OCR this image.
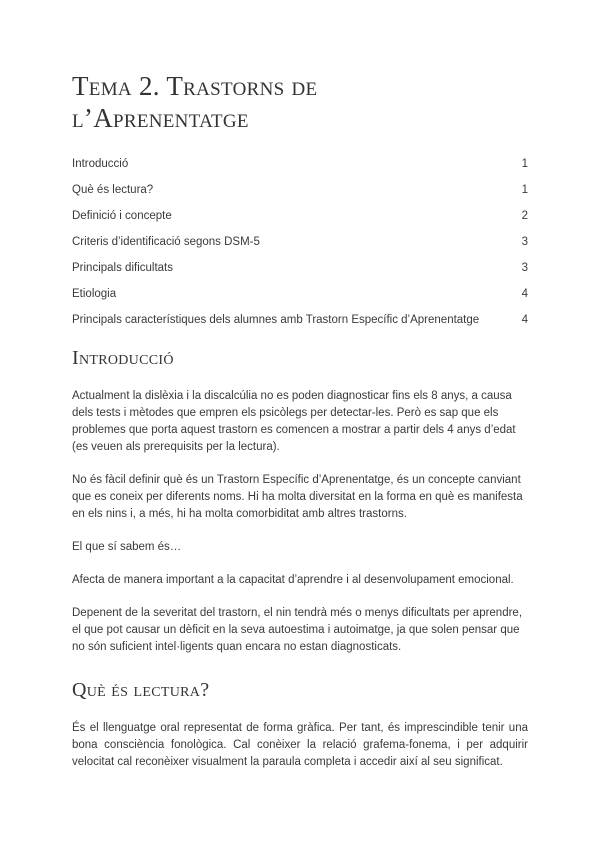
Tema 2. Trastorns de
l’Aprenentatge
Introducció	1
Què és lectura?	1
Definició i concepte	2
Criteris d’identificació segons DSM-5	3
Principals dificultats	3
Etiologia	4
Principals característiques dels alumnes amb Trastorn Específic d’Aprenentatge	4
Introducció

Actualment la dislèxia i la discalcúlia no es poden diagnosticar fins els 8 anys, a causa dels tests i mètodes que empren els psicòlegs per detectar-les. Però es sap que els problemes que porta aquest trastorn es comencen a mostrar a partir dels 4 anys d’edat (es veuen als prerequisits per la lectura).

No és fàcil definir què és un Trastorn Específic d’Aprenentatge, és un concepte canviant que es coneix per diferents noms. Hi ha molta diversitat en la forma en què es manifesta en els nins i, a més, hi ha molta comorbiditat amb altres trastorns.

El que sí sabem és…

Afecta de manera important a la capacitat d’aprendre i al desenvolupament emocional.

Depenent de la severitat del trastorn, el nin tendrà més o menys dificultats per aprendre, el que pot causar un dèficit en la seva autoestima i autoimatge, ja que solen pensar que no són suficient intel·ligents quan encara no estan diagnosticats.

Què és lectura?

És el llenguatge oral representat de forma gràfica. Per tant, és imprescindible tenir una bona consciència fonològica. Cal conèixer la relació grafema-fonema, i per adquirir velocitat cal reconèixer visualment la paraula completa i accedir així al seu significat.
